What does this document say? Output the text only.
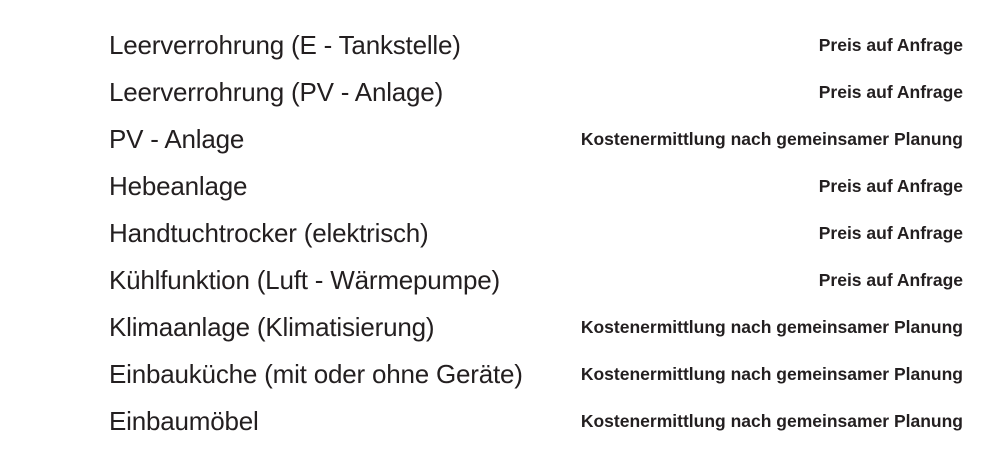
Leerverrohrung (E - Tankstelle)	Preis auf Anfrage
Leerverrohrung (PV - Anlage)	Preis auf Anfrage
PV - Anlage	Kostenermittlung nach gemeinsamer Planung
Hebeanlage	Preis auf Anfrage
Handtuchtrocker (elektrisch)	Preis auf Anfrage
Kühlfunktion (Luft - Wärmepumpe)	Preis auf Anfrage
Klimaanlage (Klimatisierung)	Kostenermittlung nach gemeinsamer Planung
Einbauküche (mit oder ohne Geräte)	Kostenermittlung nach gemeinsamer Planung
Einbaumöbel	Kostenermittlung nach gemeinsamer Planung
